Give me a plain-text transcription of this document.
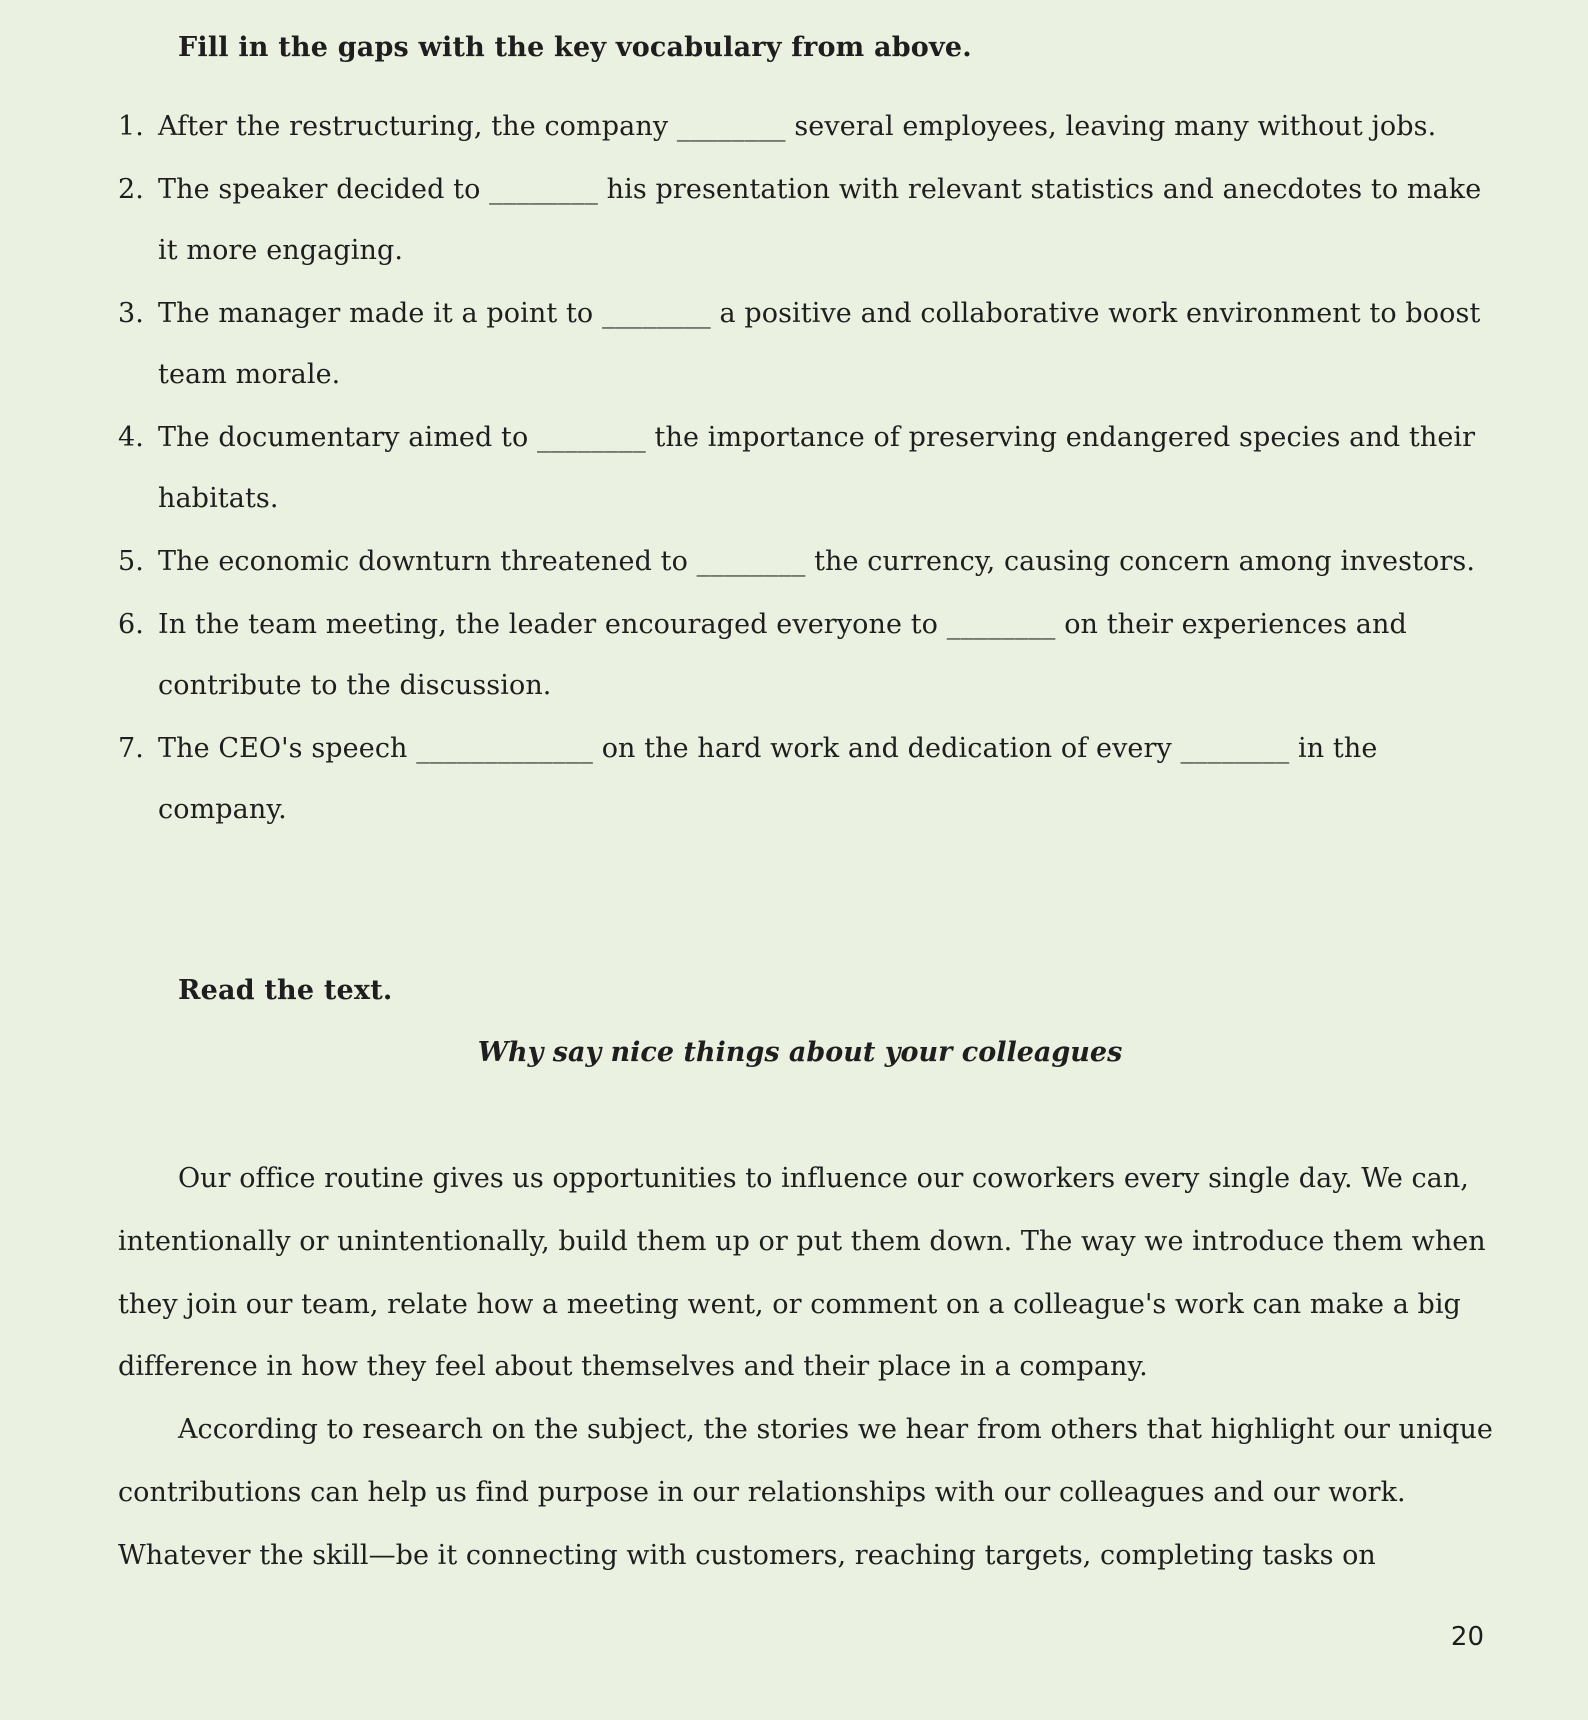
Fill in the gaps with the key vocabulary from above.
1. After the restructuring, the company ________ several employees, leaving many without jobs.
2. The speaker decided to ________ his presentation with relevant statistics and anecdotes to make it more engaging.
3. The manager made it a point to ________ a positive and collaborative work environment to boost team morale.
4. The documentary aimed to ________ the importance of preserving endangered species and their habitats.
5. The economic downturn threatened to ________ the currency, causing concern among investors.
6. In the team meeting, the leader encouraged everyone to ________ on their experiences and contribute to the discussion.
7. The CEO's speech _____________ on the hard work and dedication of every ________ in the company.
Read the text.
Why say nice things about your colleagues

Our office routine gives us opportunities to influence our coworkers every single day. We can, intentionally or unintentionally, build them up or put them down. The way we introduce them when they join our team, relate how a meeting went, or comment on a colleague's work can make a big difference in how they feel about themselves and their place in a company.

According to research on the subject, the stories we hear from others that highlight our unique contributions can help us find purpose in our relationships with our colleagues and our work. Whatever the skill—be it connecting with customers, reaching targets, completing tasks on

20
